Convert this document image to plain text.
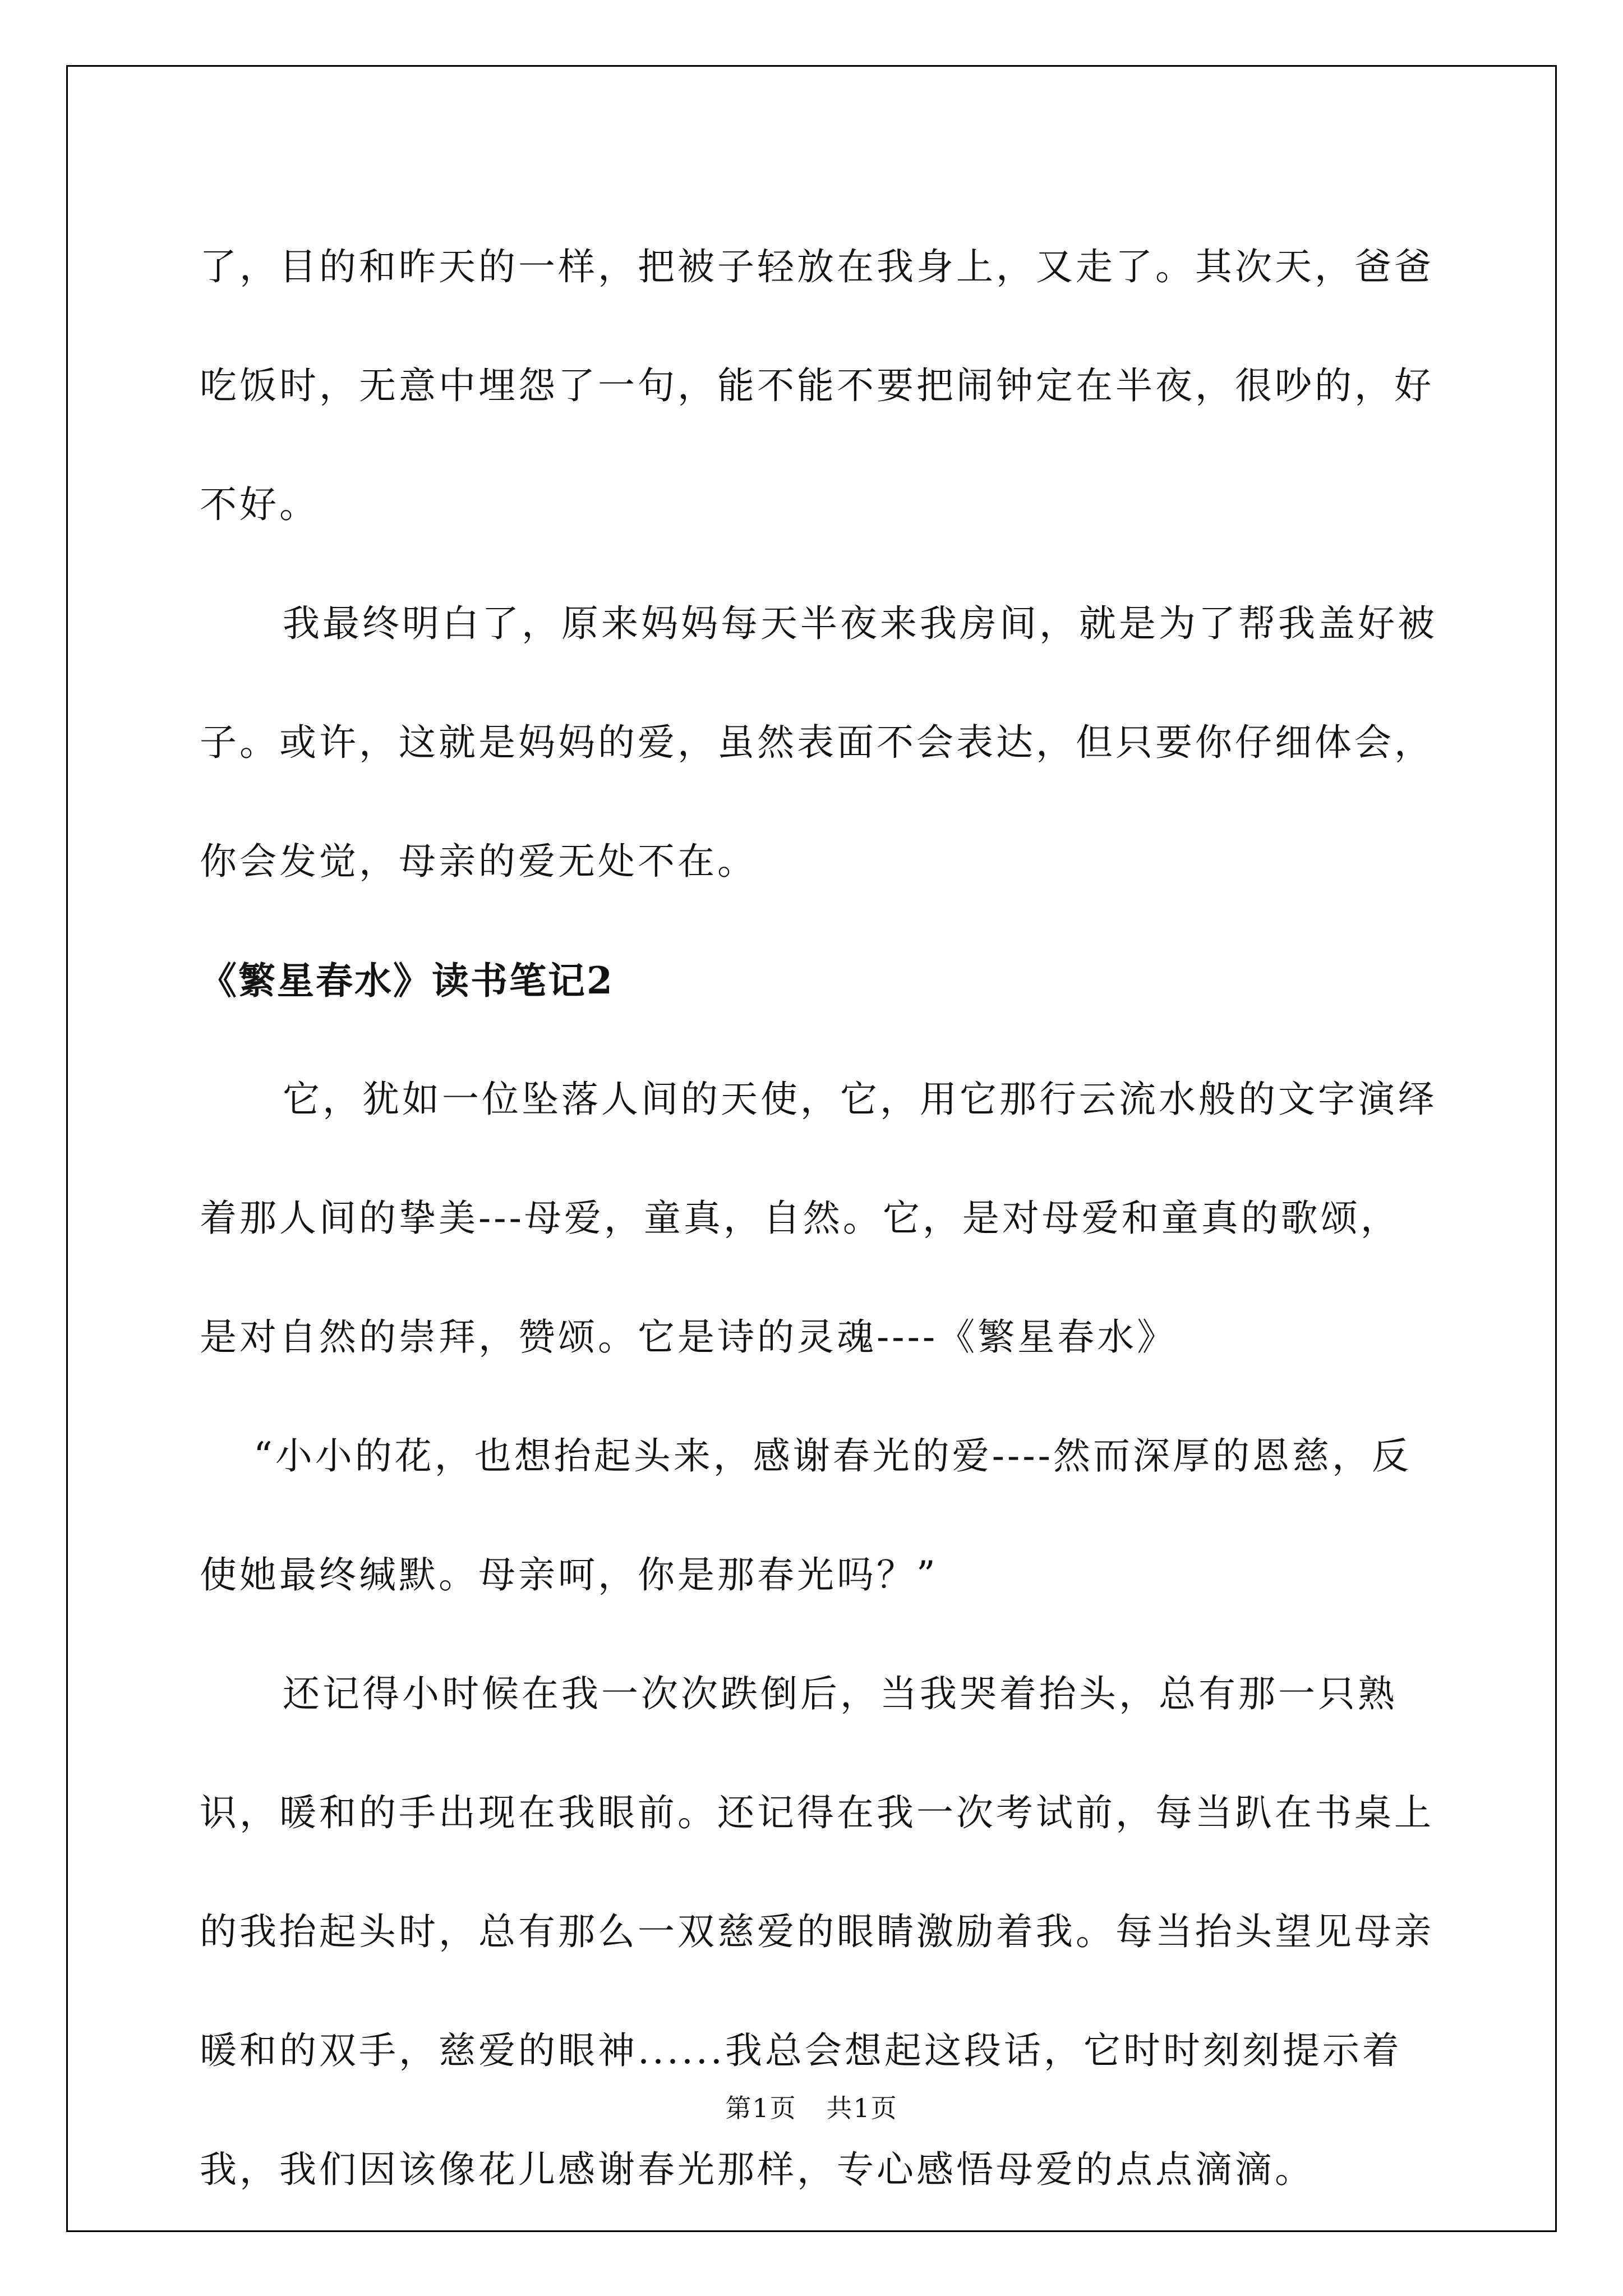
了，目的和昨天的一样，把被子轻放在我身上，又走了。其次天，爸爸吃饭时，无意中埋怨了一句，能不能不要把闹钟定在半夜，很吵的，好不好。

我最终明白了，原来妈妈每天半夜来我房间，就是为了帮我盖好被子。或许，这就是妈妈的爱，虽然表面不会表达，但只要你仔细体会，你会发觉，母亲的爱无处不在。

《繁星春水》读书笔记2

它，犹如一位坠落人间的天使，它，用它那行云流水般的文字演绎着那人间的挚美---母爱，童真，自然。它，是对母爱和童真的歌颂，是对自然的崇拜，赞颂。它是诗的灵魂----《繁星春水》

“小小的花，也想抬起头来，感谢春光的爱----然而深厚的恩慈，反使她最终缄默。母亲呵，你是那春光吗？”

还记得小时候在我一次次跌倒后，当我哭着抬头，总有那一只熟识，暖和的手出现在我眼前。还记得在我一次考试前，每当趴在书桌上的我抬起头时，总有那么一双慈爱的眼睛激励着我。每当抬头望见母亲暖和的双手，慈爱的眼神......我总会想起这段话，它时时刻刻提示着我，我们因该像花儿感谢春光那样，专心感悟母爱的点点滴滴。

第1页 共1页
